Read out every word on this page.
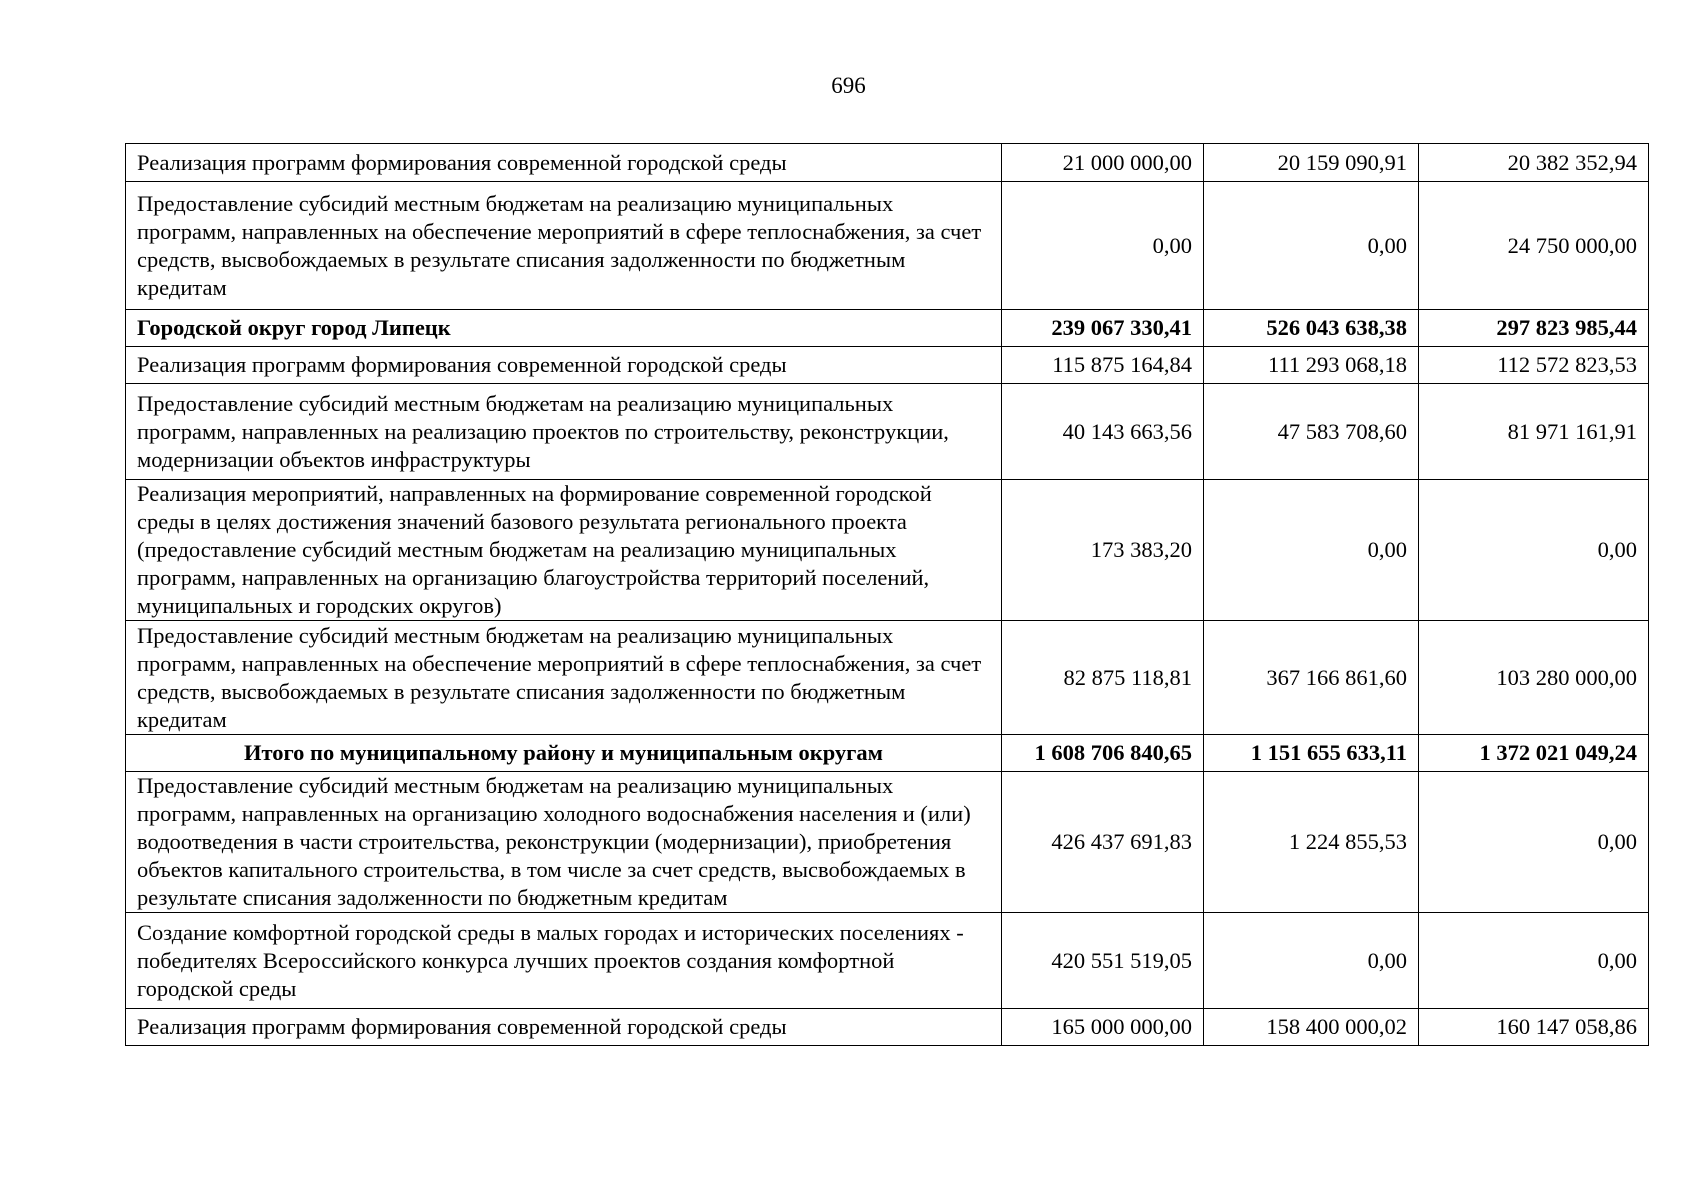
696
Реализация программ формирования современной городской среды	21 000 000,00	20 159 090,91	20 382 352,94
Предоставление субсидий местным бюджетам на реализацию муниципальных программ, направленных на обеспечение мероприятий в сфере теплоснабжения, за счет средств, высвобождаемых в результате списания задолженности по бюджетным кредитам	0,00	0,00	24 750 000,00
Городской округ город Липецк	239 067 330,41	526 043 638,38	297 823 985,44
Реализация программ формирования современной городской среды	115 875 164,84	111 293 068,18	112 572 823,53
Предоставление субсидий местным бюджетам на реализацию муниципальных программ, направленных на реализацию проектов по строительству, реконструкции, модернизации объектов инфраструктуры	40 143 663,56	47 583 708,60	81 971 161,91
Реализация мероприятий, направленных на формирование современной городской среды в целях достижения значений базового результата регионального проекта (предоставление субсидий местным бюджетам на реализацию муниципальных программ, направленных на организацию благоустройства территорий поселений, муниципальных и городских округов)	173 383,20	0,00	0,00
Предоставление субсидий местным бюджетам на реализацию муниципальных программ, направленных на обеспечение мероприятий в сфере теплоснабжения, за счет средств, высвобождаемых в результате списания задолженности по бюджетным кредитам	82 875 118,81	367 166 861,60	103 280 000,00
Итого по муниципальному району и муниципальным округам	1 608 706 840,65	1 151 655 633,11	1 372 021 049,24
Предоставление субсидий местным бюджетам на реализацию муниципальных программ, направленных на организацию холодного водоснабжения населения и (или) водоотведения в части строительства, реконструкции (модернизации), приобретения объектов капитального строительства, в том числе за счет средств, высвобождаемых в результате списания задолженности по бюджетным кредитам	426 437 691,83	1 224 855,53	0,00
Создание комфортной городской среды в малых городах и исторических поселениях - победителях Всероссийского конкурса лучших проектов создания комфортной городской среды	420 551 519,05	0,00	0,00
Реализация программ формирования современной городской среды	165 000 000,00	158 400 000,02	160 147 058,86
